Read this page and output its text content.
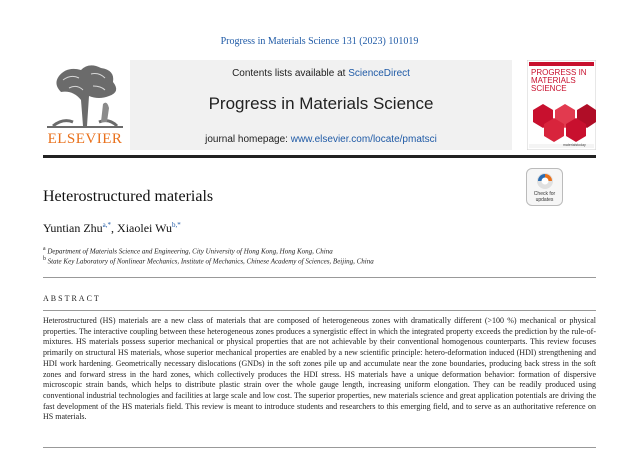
Progress in Materials Science 131 (2023) 101019
ELSEVIER
Contents lists available at ScienceDirect
Progress in Materials Science
journal homepage: www.elsevier.com/locate/pmatsci
PROGRESS IN MATERIALS SCIENCE
materialstoday
Heterostructured materials	Check for updates
Yuntian Zhu$^{a,*}$, Xiaolei $Wu^{b,*}$
$^a$ Department of Materials Science and Engineering, City University of Hong Kong, Hong Kong, China
$^b$ State Key Laboratory of Nonlinear Mechanics, Institute of Mechanics, Chinese Academy of Sciences, Beijing, China
ABSTRACT
Heterostructured (HS) materials are a new class of materials that are composed of heterogeneous zones with dramatically different (>100 %) mechanical or physical properties. The interactive coupling between these heterogeneous zones produces a synergistic effect in which the integrated property exceeds the prediction by the rule-of-mixtures. HS materials possess superior mechanical or physical properties that are not achievable by their conventional homogenous counterparts. This review focuses primarily on structural HS materials, whose superior mechanical properties are enabled by a new scientific principle: hetero-deformation induced (HDI) strengthening and HDI work hardening. Geometrically necessary dislocations (GNDs) in the soft zones pile up and accumulate near the zone boundaries, producing back stress in the soft zones and forward stress in the hard zones, which collectively produces the HDI stress. HS materials have a unique deformation behavior: formation of dispersive microscopic strain bands, which helps to distribute plastic strain over the whole gauge length, increasing uniform elongation. They can be readily produced using conventional industrial technologies and facilities at large scale and low cost. The superior properties, new materials science and great application potentials are driving the fast development of the HS materials field. This review is meant to introduce students and researchers to this emerging field, and to serve as an authoritative reference on HS materials.
